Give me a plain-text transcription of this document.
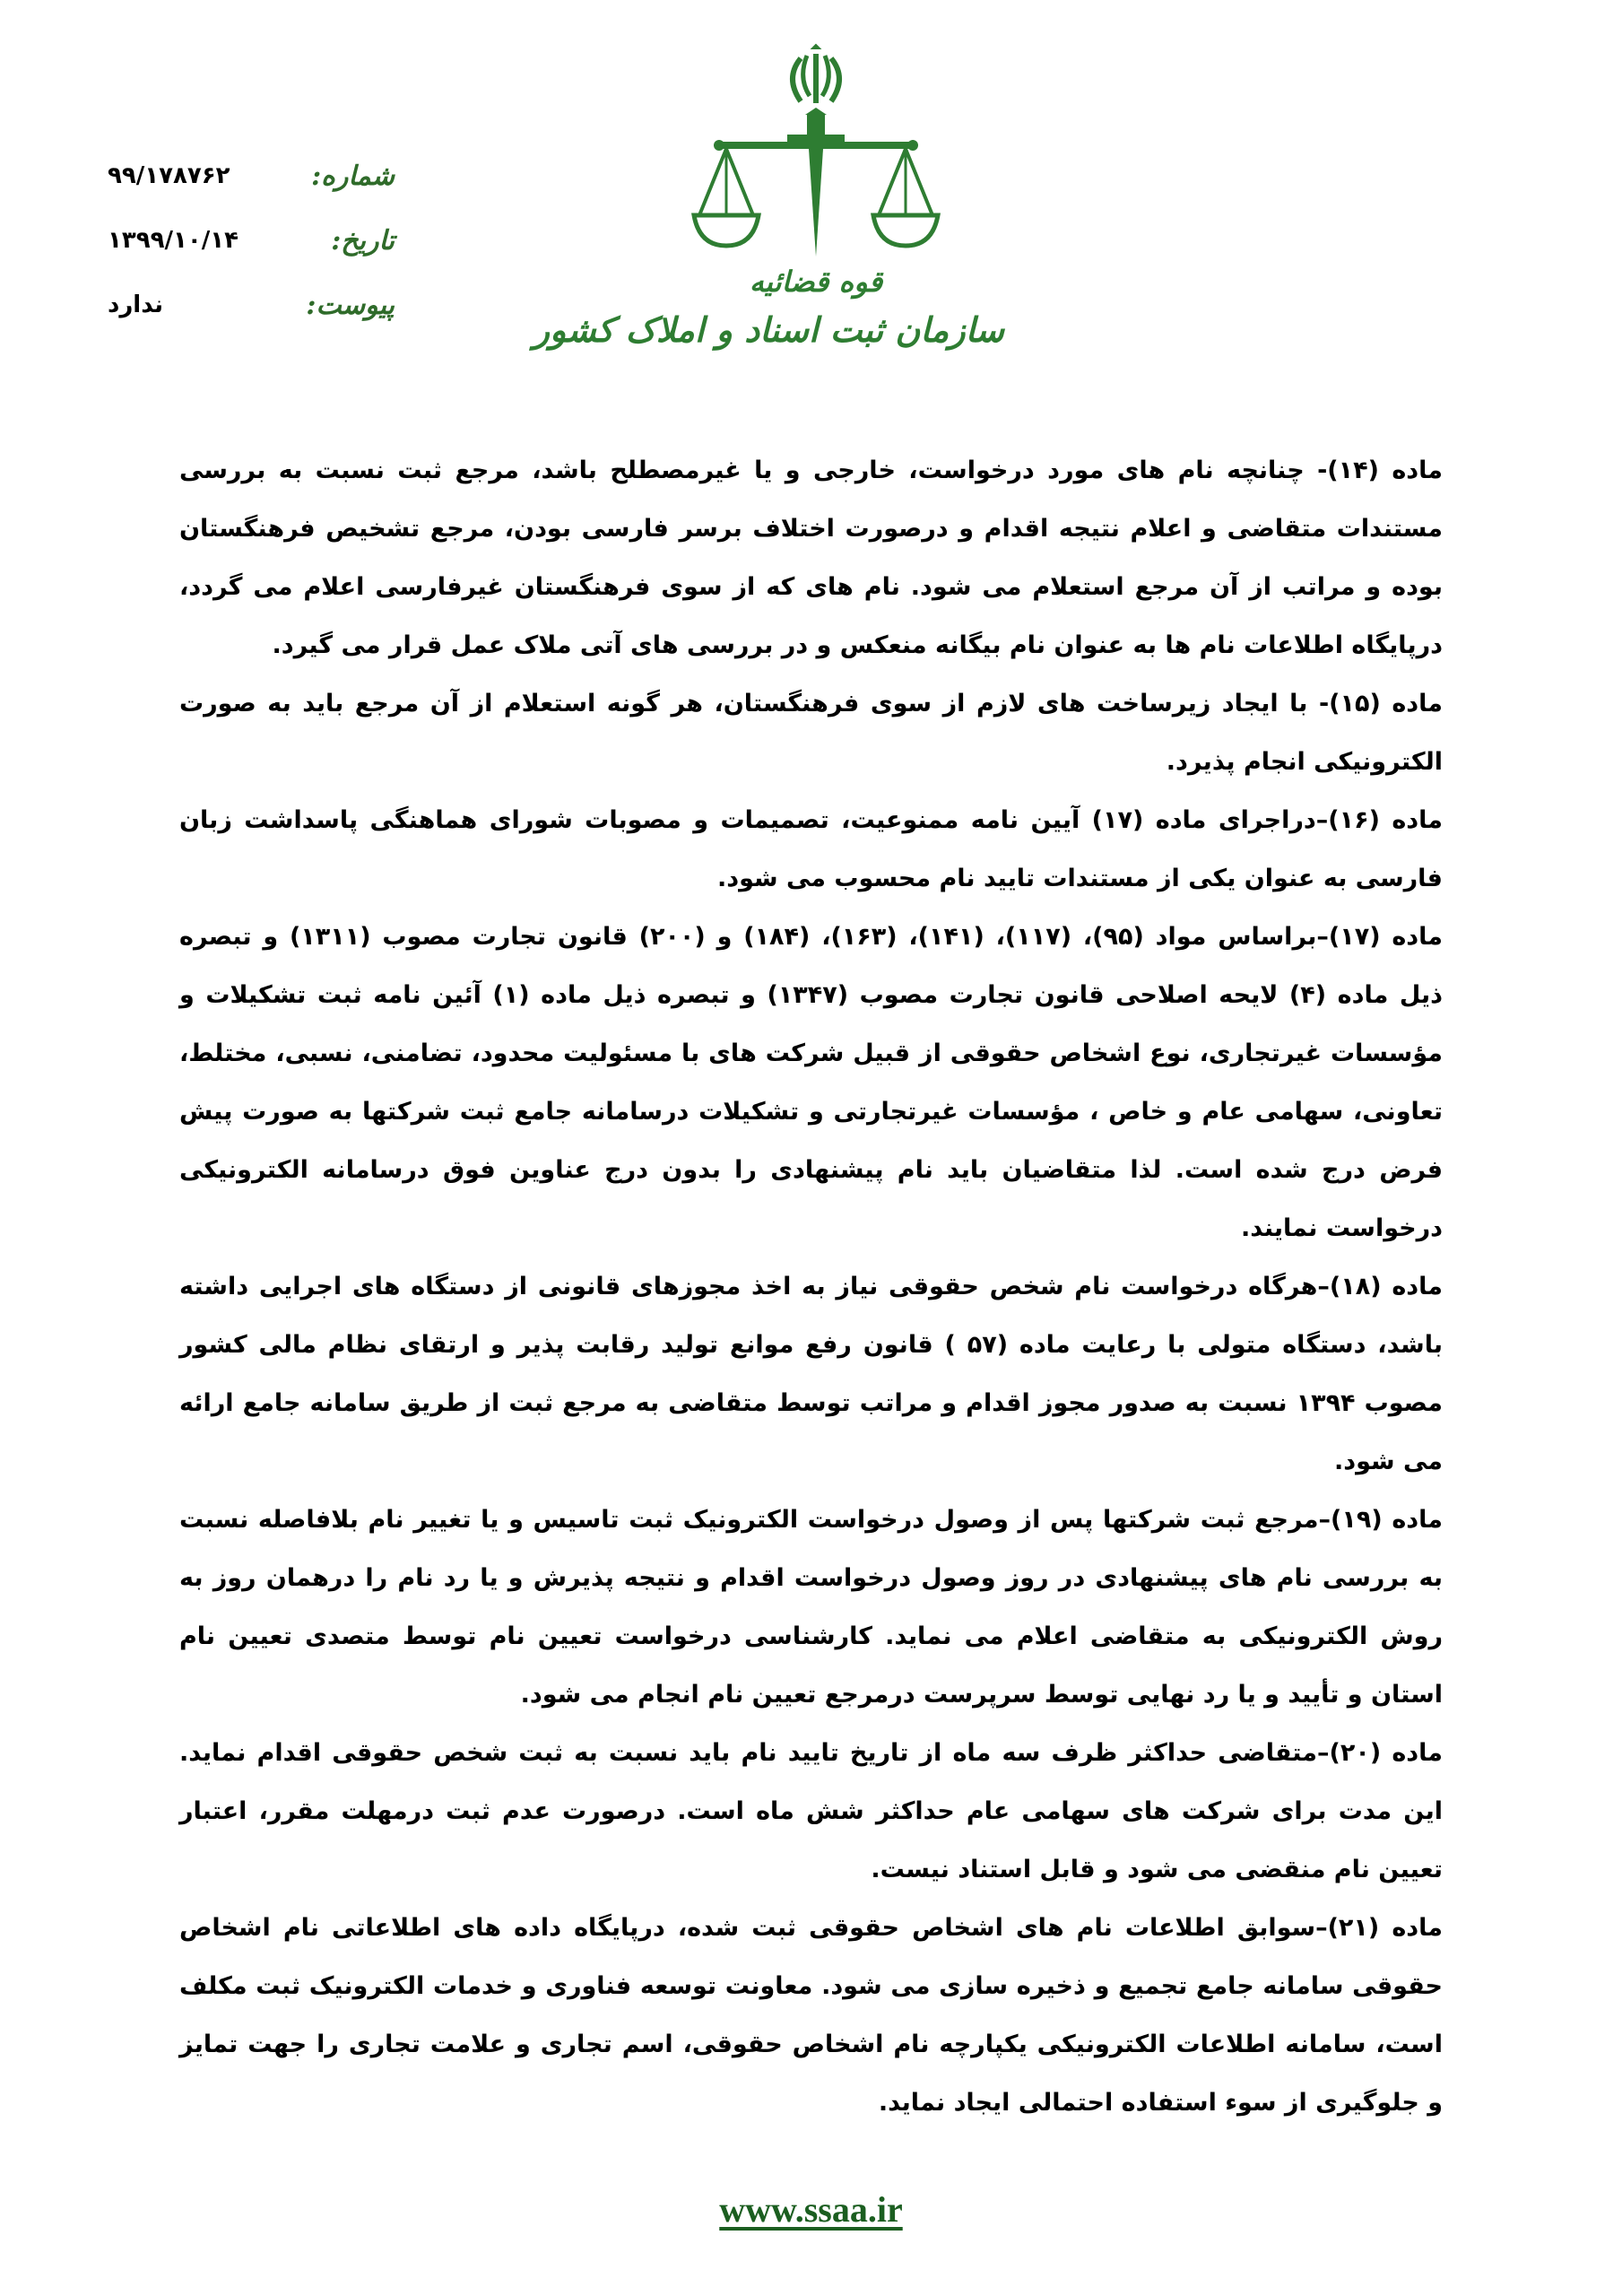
شماره:
۹۹/۱۷۸۷۶۲
تاریخ:
۱۳۹۹/۱۰/۱۴
پیوست:
ندارد
قوه قضائیه
سازمان ثبت اسناد و املاک کشور

ماده (۱۴)- چنانچه نام های مورد درخواست، خارجی و یا غیرمصطلح باشد، مرجع ثبت نسبت به بررسی مستندات متقاضی و اعلام نتیجه اقدام و درصورت اختلاف برسر فارسی بودن، مرجع تشخیص فرهنگستان بوده و مراتب از آن مرجع استعلام می شود. نام های که از سوی فرهنگستان غیرفارسی اعلام می گردد، درپایگاه اطلاعات نام ها به عنوان نام بیگانه منعکس و در بررسی های آتی ملاک عمل قرار می گیرد.

ماده (۱۵)- با ایجاد زیرساخت های لازم از سوی فرهنگستان، هر گونه استعلام از آن مرجع باید به صورت الکترونیکی انجام پذیرد.

ماده (۱۶)–دراجرای ماده (۱۷) آیین نامه ممنوعیت، تصمیمات و مصوبات شورای هماهنگی پاسداشت زبان فارسی به عنوان یکی از مستندات تایید نام محسوب می شود.

ماده (۱۷)–براساس مواد (۹۵)، (۱۱۷)، (۱۴۱)، (۱۶۳)، (۱۸۴) و (۲۰۰) قانون تجارت مصوب (۱۳۱۱) و تبصره ذیل ماده (۴) لایحه اصلاحی قانون تجارت مصوب (۱۳۴۷) و تبصره ذیل ماده (۱) آئین نامه ثبت تشکیلات و مؤسسات غیرتجاری، نوع اشخاص حقوقی از قبیل شرکت های با مسئولیت محدود، تضامنی، نسبی، مختلط، تعاونی، سهامی عام و خاص ، مؤسسات غیرتجارتی و تشکیلات درسامانه جامع ثبت شرکتها به صورت پیش فرض درج شده است. لذا متقاضیان باید نام پیشنهادی را بدون درج عناوین فوق درسامانه الکترونیکی درخواست نمایند.

ماده (۱۸)–هرگاه درخواست نام شخص حقوقی نیاز به اخذ مجوزهای قانونی از دستگاه های اجرایی داشته باشد، دستگاه متولی با رعایت ماده (۵۷ ) قانون رفع موانع تولید رقابت پذیر و ارتقای نظام مالی کشور مصوب ۱۳۹۴ نسبت به صدور مجوز اقدام و مراتب توسط متقاضی به مرجع ثبت از طریق سامانه جامع ارائه می شود.

ماده (۱۹)–مرجع ثبت شرکتها پس از وصول درخواست الکترونیک ثبت تاسیس و یا تغییر نام بلافاصله نسبت به بررسی نام های پیشنهادی در روز وصول درخواست اقدام و نتیجه پذیرش و یا رد نام را درهمان روز به روش الکترونیکی به متقاضی اعلام می نماید. کارشناسی درخواست تعیین نام توسط متصدی تعیین نام استان و تأیید و یا رد نهایی توسط سرپرست درمرجع تعیین نام انجام می شود.

ماده (۲۰)–متقاضی حداکثر ظرف سه ماه از تاریخ تایید نام باید نسبت به ثبت شخص حقوقی اقدام نماید. این مدت برای شرکت های سهامی عام حداکثر شش ماه است. درصورت عدم ثبت درمهلت مقرر، اعتبار تعیین نام منقضی می شود و قابل استناد نیست.

ماده (۲۱)–سوابق اطلاعات نام های اشخاص حقوقی ثبت شده، درپایگاه داده های اطلاعاتی نام اشخاص حقوقی سامانه جامع تجمیع و ذخیره سازی می شود. معاونت توسعه فناوری و خدمات الکترونیک ثبت مکلف است، سامانه اطلاعات الکترونیکی یکپارچه نام اشخاص حقوقی، اسم تجاری و علامت تجاری را جهت تمایز و جلوگیری از سوء استفاده احتمالی ایجاد نماید.

www.ssaa.ir
